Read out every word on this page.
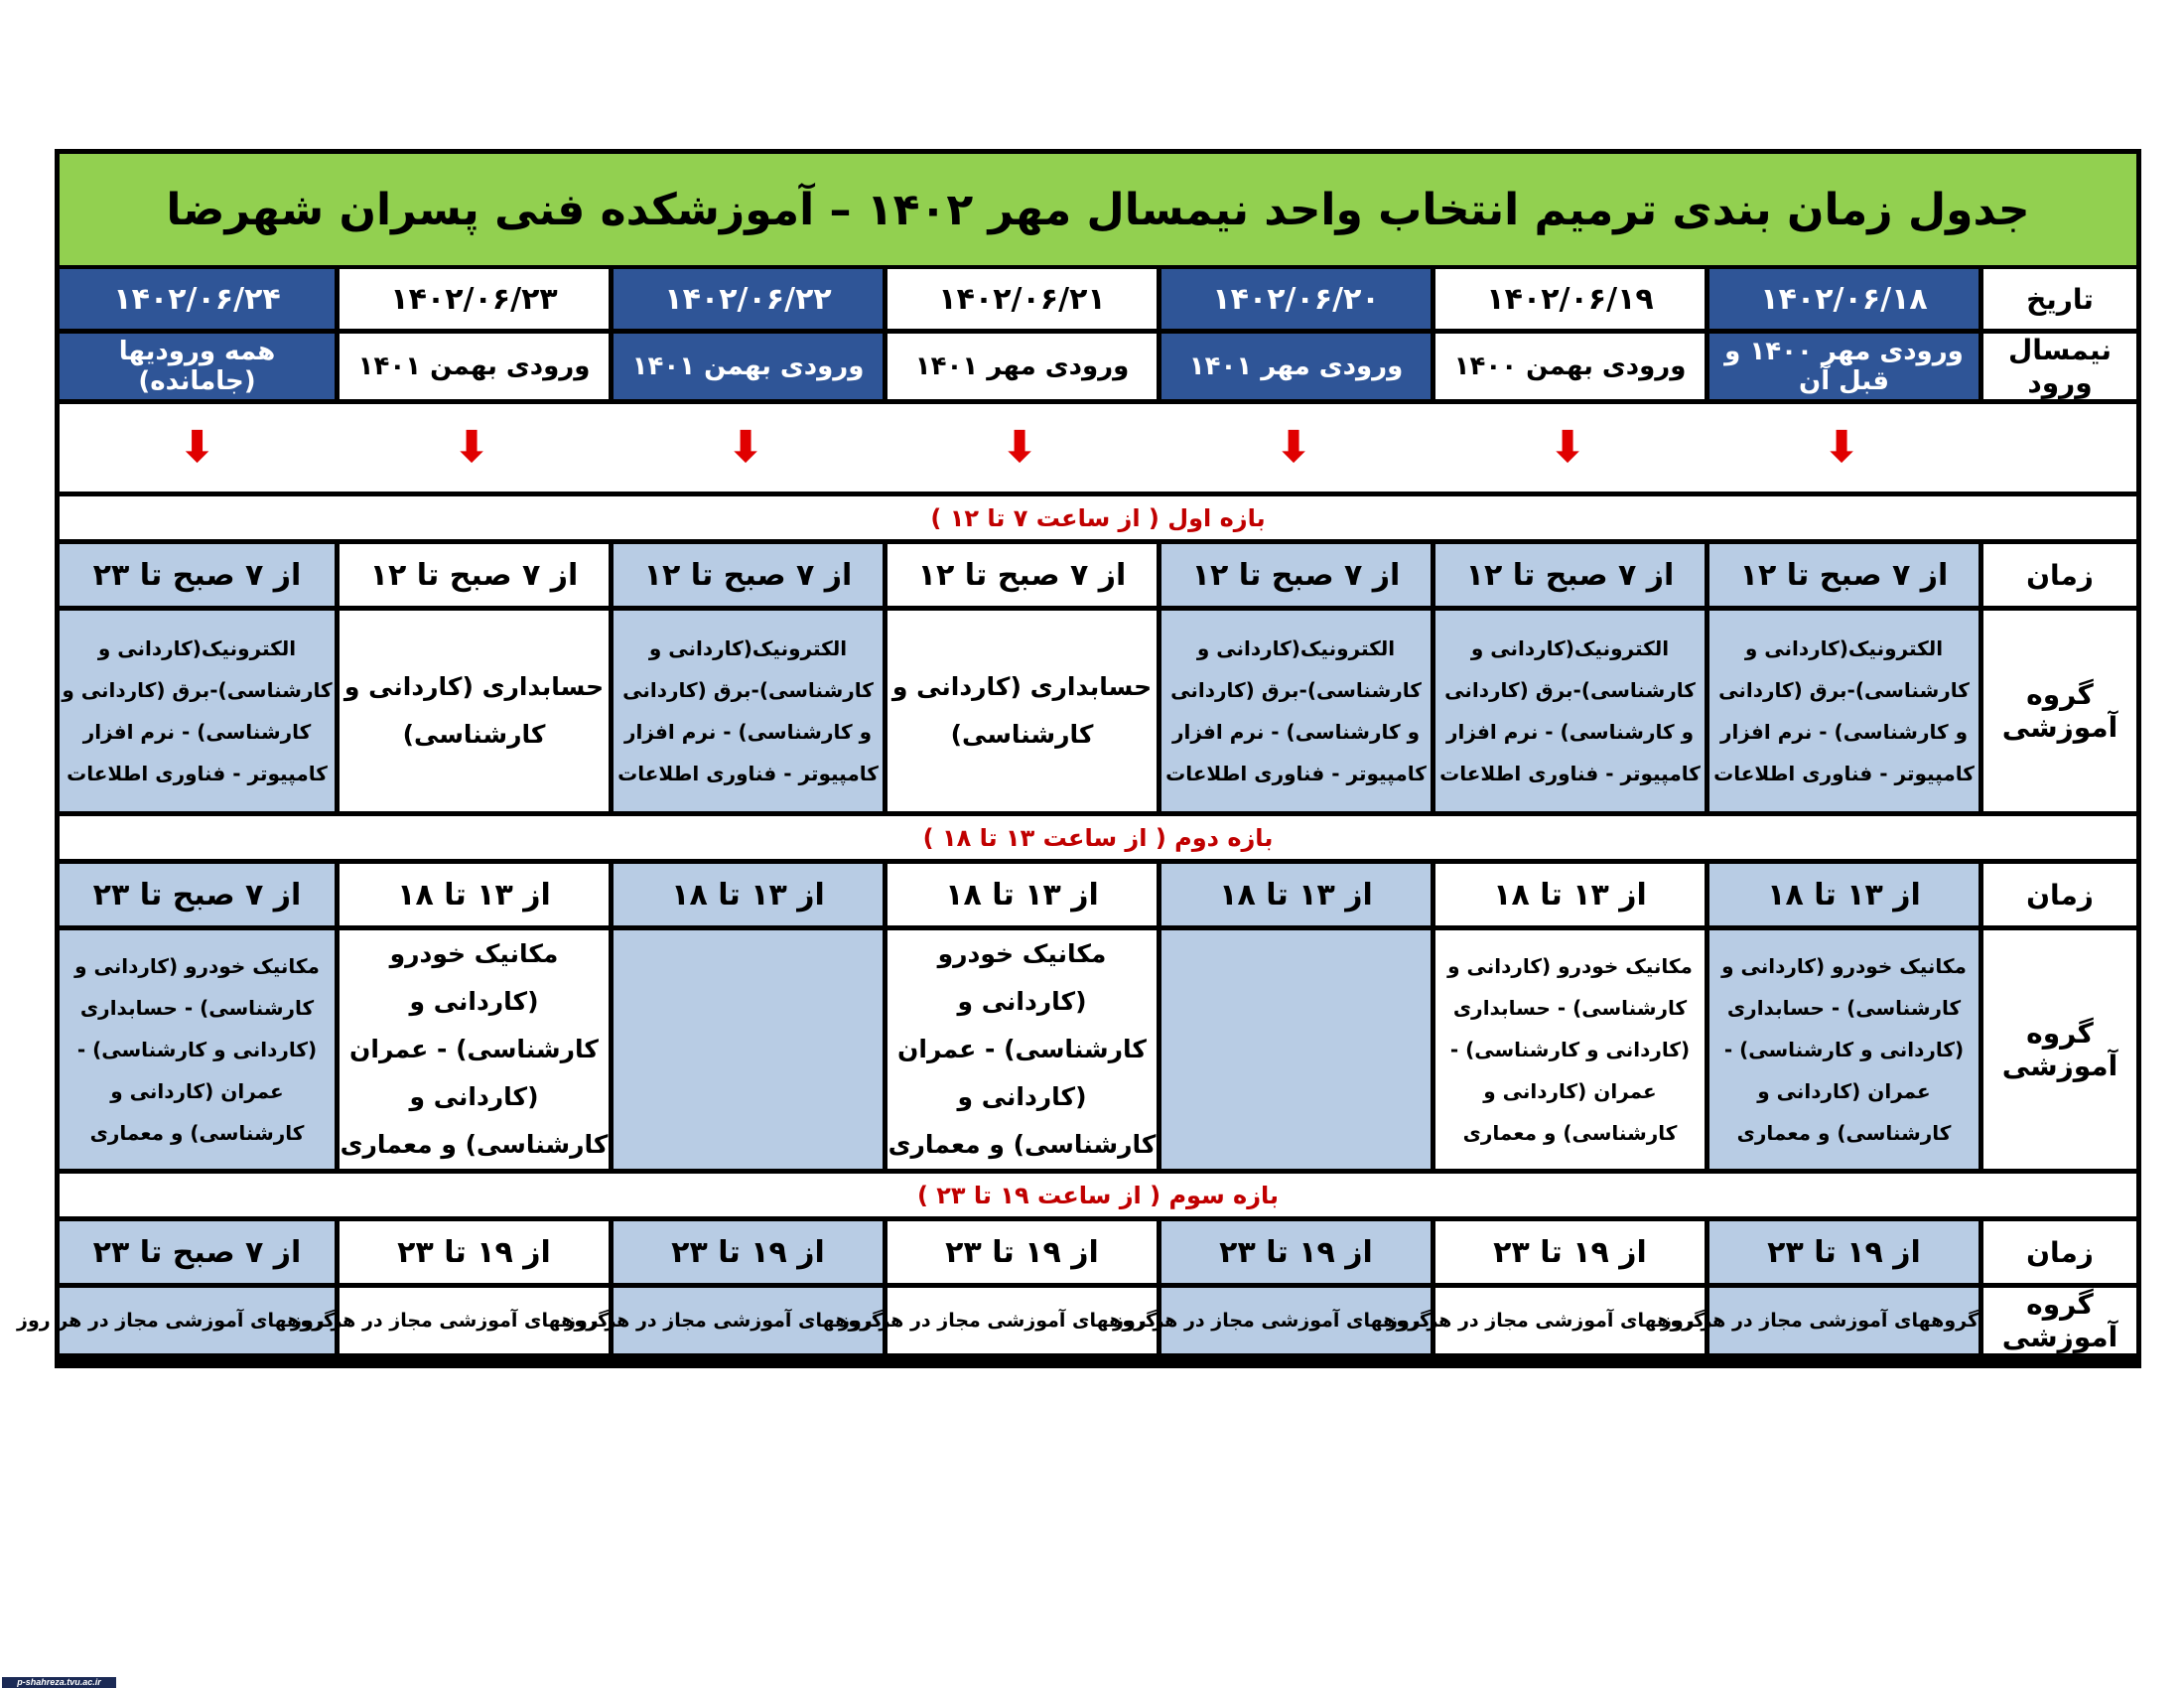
جدول زمان بندی ترمیم انتخاب واحد نیمسال مهر ۱۴۰۲ – آموزشکده فنی پسران شهرضا
تاریخ	۱۴۰۲/۰۶/۱۸	۱۴۰۲/۰۶/۱۹	۱۴۰۲/۰۶/۲۰	۱۴۰۲/۰۶/۲۱	۱۴۰۲/۰۶/۲۲	۱۴۰۲/۰۶/۲۳	۱۴۰۲/۰۶/۲۴
نیمسال ورود	ورودی مهر ۱۴۰۰ و قبل آن	ورودی بهمن ۱۴۰۰	ورودی مهر ۱۴۰۱	ورودی مهر ۱۴۰۱	ورودی بهمن ۱۴۰۱	ورودی بهمن ۱۴۰۱	همه ورودیها (جامانده)
	⬇	⬇	⬇	⬇	⬇	⬇	⬇
بازه اول ( از ساعت ۷ تا ۱۲ )							
زمان	از ۷ صبح تا ۱۲	از ۷ صبح تا ۱۲	از ۷ صبح تا ۱۲	از ۷ صبح تا ۱۲	از ۷ صبح تا ۱۲	از ۷ صبح تا ۱۲	از ۷ صبح تا ۲۳
گروه آموزشی	الکترونیک(کاردانی و کارشناسی)-برق (کاردانی و کارشناسی) - نرم افزار کامپیوتر - فناوری اطلاعات	الکترونیک(کاردانی و کارشناسی)-برق (کاردانی و کارشناسی) - نرم افزار کامپیوتر - فناوری اطلاعات	الکترونیک(کاردانی و کارشناسی)-برق (کاردانی و کارشناسی) - نرم افزار کامپیوتر - فناوری اطلاعات	حسابداری (کاردانی و کارشناسی)	الکترونیک(کاردانی و کارشناسی)-برق (کاردانی و کارشناسی) - نرم افزار کامپیوتر - فناوری اطلاعات	حسابداری (کاردانی و کارشناسی)	الکترونیک(کاردانی و کارشناسی)-برق (کاردانی و کارشناسی) - نرم افزار کامپیوتر - فناوری اطلاعات
بازه دوم ( از ساعت ۱۳ تا ۱۸ )							
زمان	از ۱۳ تا ۱۸	از ۱۳ تا ۱۸	از ۱۳ تا ۱۸	از ۱۳ تا ۱۸	از ۱۳ تا ۱۸	از ۱۳ تا ۱۸	از ۷ صبح تا ۲۳
گروه آموزشی	مکانیک خودرو (کاردانی و کارشناسی) - حسابداری (کاردانی و کارشناسی) - عمران (کاردانی و کارشناسی) و معماری	مکانیک خودرو (کاردانی و کارشناسی) - حسابداری (کاردانی و کارشناسی) - عمران (کاردانی و کارشناسی) و معماری		مکانیک خودرو (کاردانی و کارشناسی) - عمران (کاردانی و کارشناسی) و معماری		مکانیک خودرو (کاردانی و کارشناسی) - عمران (کاردانی و کارشناسی) و معماری	مکانیک خودرو (کاردانی و کارشناسی) - حسابداری (کاردانی و کارشناسی) - عمران (کاردانی و کارشناسی) و معماری
بازه سوم ( از ساعت ۱۹ تا ۲۳ )							
زمان	از ۱۹ تا ۲۳	از ۱۹ تا ۲۳	از ۱۹ تا ۲۳	از ۱۹ تا ۲۳	از ۱۹ تا ۲۳	از ۱۹ تا ۲۳	از ۷ صبح تا ۲۳
گروه آموزشی	گروههای آموزشی مجاز در هر روز	گروههای آموزشی مجاز در هر روز	گروههای آموزشی مجاز در هر روز	گروههای آموزشی مجاز در هر روز	گروههای آموزشی مجاز در هر روز	گروههای آموزشی مجاز در هر روز	گروههای آموزشی مجاز در هر روز
p-shahreza.tvu.ac.ir
